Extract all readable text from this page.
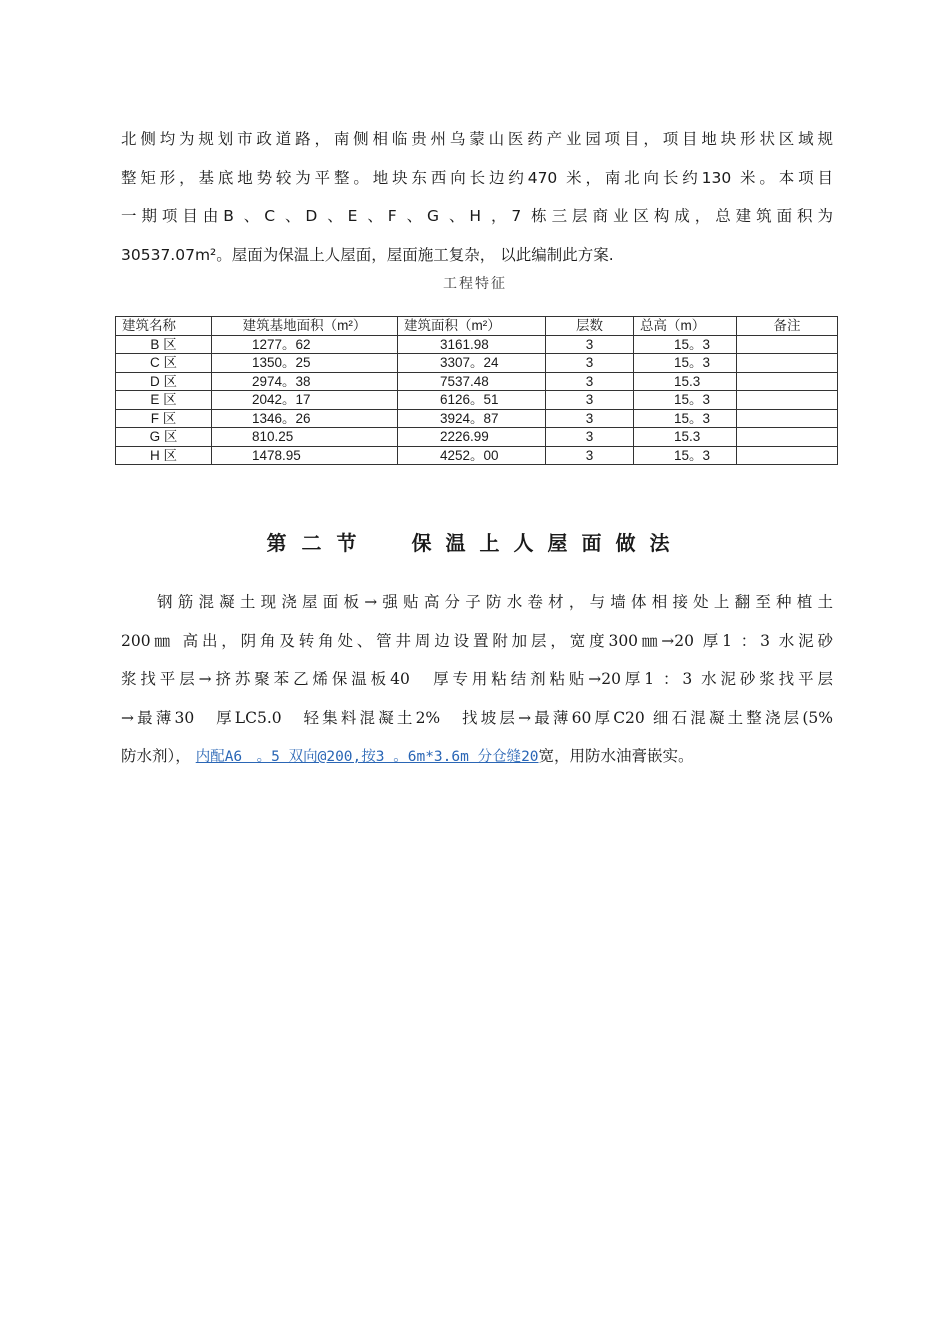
北侧均为规划市政道路，南侧相临贵州乌蒙山医药产业园项目，项目地块形状区域规
整矩形，基底地势较为平整。地块东西向长边约470 米，南北向长约130 米。本项目
一期项目由B 、C 、D 、E 、F 、G 、H ，7 栋三层商业区构成，总建筑面积为
30537.07m²。屋面为保温上人屋面，屋面施工复杂， 以此编制此方案.

工程特征

建筑名称	建筑基地面积（m²）	建筑面积（m²）	层数	总高（m）	备注
B 区	1277。62	3161.98	3	15。3	
C 区	1350。25	3307。24	3	15。3	
D 区	2974。38	7537.48	3	15.3	
E 区	2042。17	6126。51	3	15。3	
F 区	1346。26	3924。87	3	15。3	
G 区	810.25	2226.99	3	15.3	
H 区	1478.95	4252。00	3	15。3	
第二节 保温上人屋面做法

钢筋混凝土现浇屋面板→强贴高分子防水卷材，与墙体相接处上翻至种植土
200㎜ 高出，阴角及转角处、管井周边设置附加层，宽度300㎜→20 厚1 ：3 水泥砂
浆找平层→挤苏聚苯乙烯保温板40　厚专用粘结剂粘贴→20厚1 ：3 水泥砂浆找平层
→最薄30　厚LC5.0　轻集料混凝土2%　找坡层→最薄60厚C20 细石混凝土整浇层(5%
防水剂）， 内配A6　。5 双向@200,按3 。6m*3.6m 分仓缝20宽，用防水油膏嵌实。
